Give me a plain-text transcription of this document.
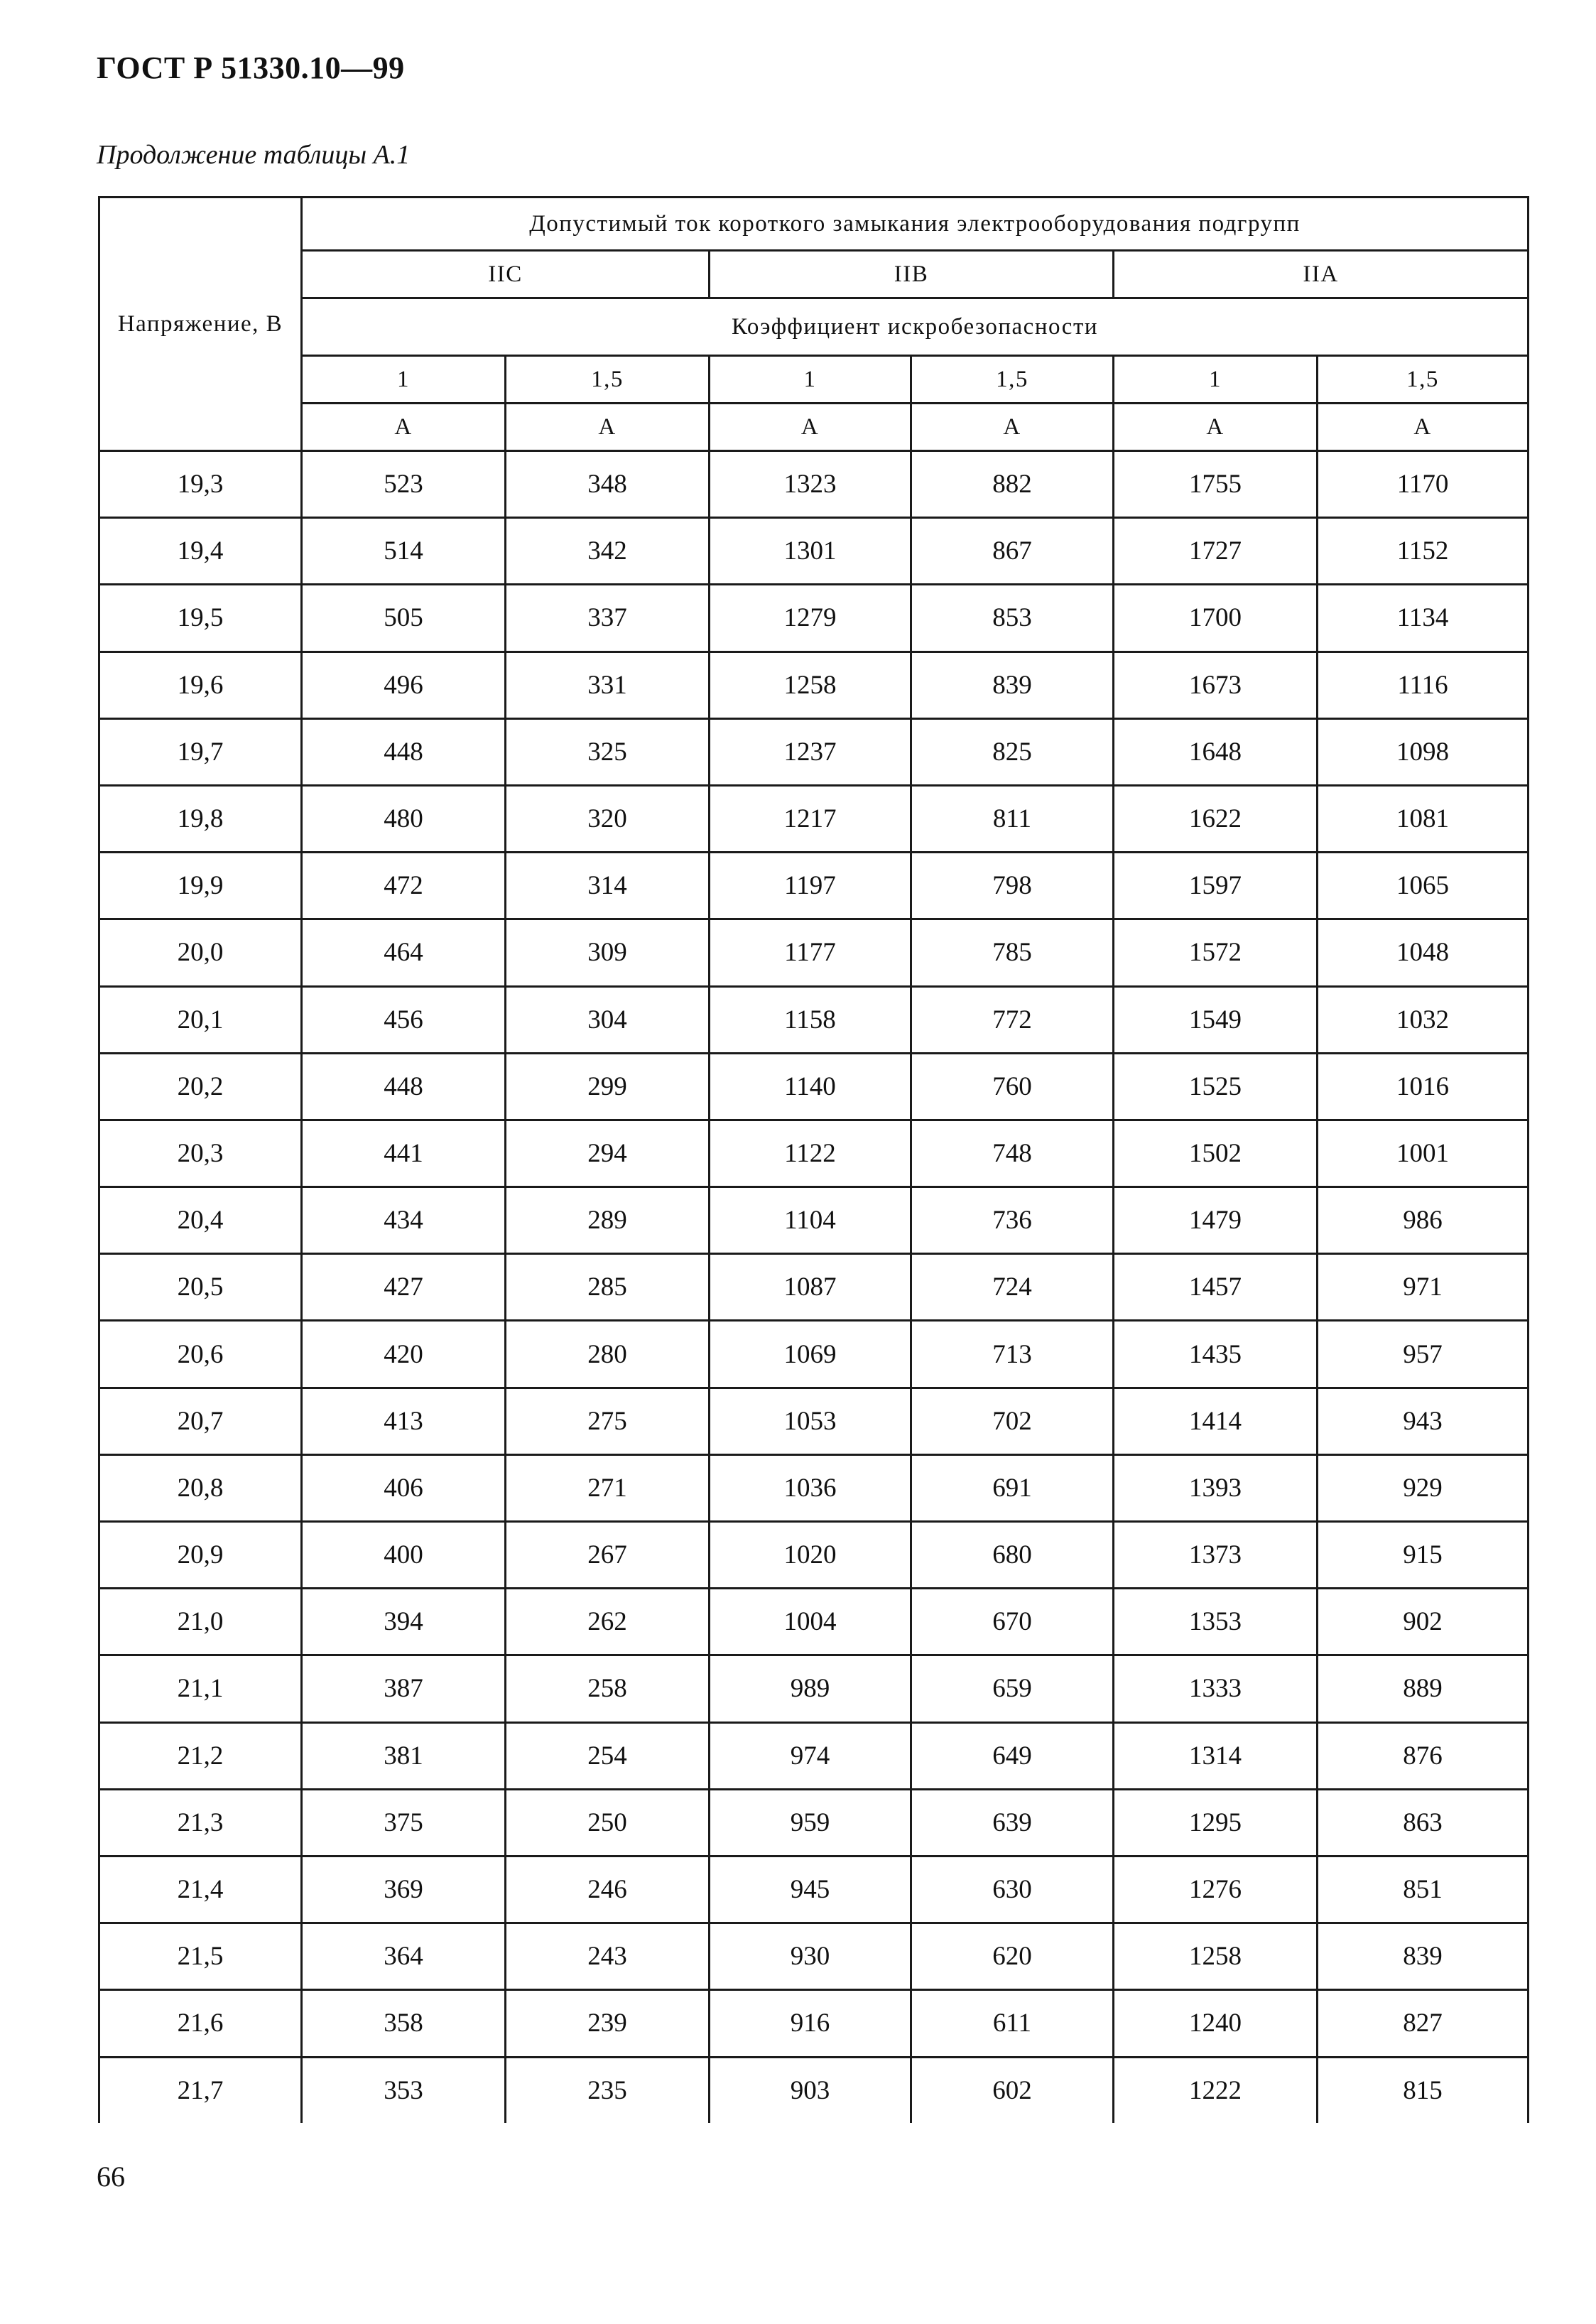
ГОСТ Р 51330.10—99
Продолжение таблицы А.1
Напряжение, В	Допустимый ток короткого замыкания электрооборудования подгрупп					
	IIC		IIB		IIA	
	Коэффициент искробезопасности					
	1	1,5	1	1,5	1	1,5
	A	A	A	A	A	A
19,3	523	348	1323	882	1755	1170
19,4	514	342	1301	867	1727	1152
19,5	505	337	1279	853	1700	1134
19,6	496	331	1258	839	1673	1116
19,7	448	325	1237	825	1648	1098
19,8	480	320	1217	811	1622	1081
19,9	472	314	1197	798	1597	1065
20,0	464	309	1177	785	1572	1048
20,1	456	304	1158	772	1549	1032
20,2	448	299	1140	760	1525	1016
20,3	441	294	1122	748	1502	1001
20,4	434	289	1104	736	1479	986
20,5	427	285	1087	724	1457	971
20,6	420	280	1069	713	1435	957
20,7	413	275	1053	702	1414	943
20,8	406	271	1036	691	1393	929
20,9	400	267	1020	680	1373	915
21,0	394	262	1004	670	1353	902
21,1	387	258	989	659	1333	889
21,2	381	254	974	649	1314	876
21,3	375	250	959	639	1295	863
21,4	369	246	945	630	1276	851
21,5	364	243	930	620	1258	839
21,6	358	239	916	611	1240	827
21,7	353	235	903	602	1222	815
66
